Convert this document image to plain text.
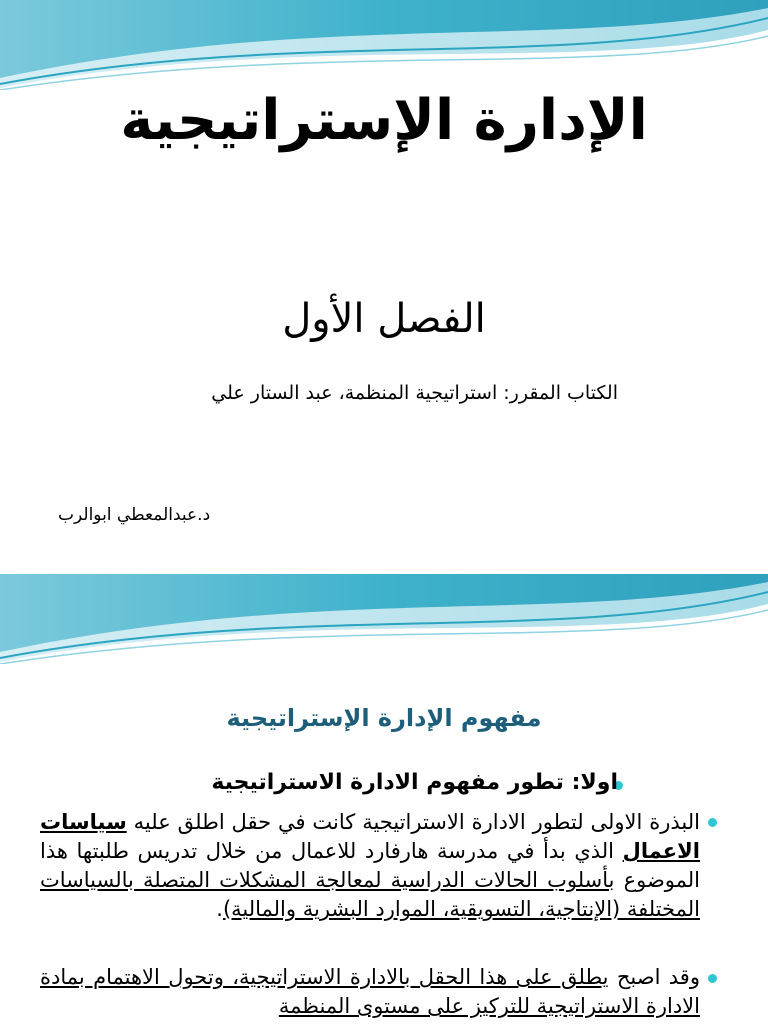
الإدارة الإستراتيجية
الفصل الأول
الكتاب المقرر: استراتيجية المنظمة، عبد الستار علي
د.عبدالمعطي ابوالرب
مفهوم الإدارة الإستراتيجية
اولا: تطور مفهوم الادارة الاستراتيجية
البذرة الاولى لتطور الادارة الاستراتيجية كانت في حقل اطلق عليه سياسات الاعمال الذي بدأ في مدرسة هارفارد للاعمال من خلال تدريس طلبتها هذا الموضوع بأسلوب الحالات الدراسية لمعالجة المشكلات المتصلة بالسياسات المختلفة (الإنتاجية، التسويقية، الموارد البشرية والمالية).
وقد اصبح يطلق على هذا الحقل بالادارة الاستراتيجية، وتحول الاهتمام بمادة الادارة الاستراتيجية للتركيز على مستوى المنظمة
